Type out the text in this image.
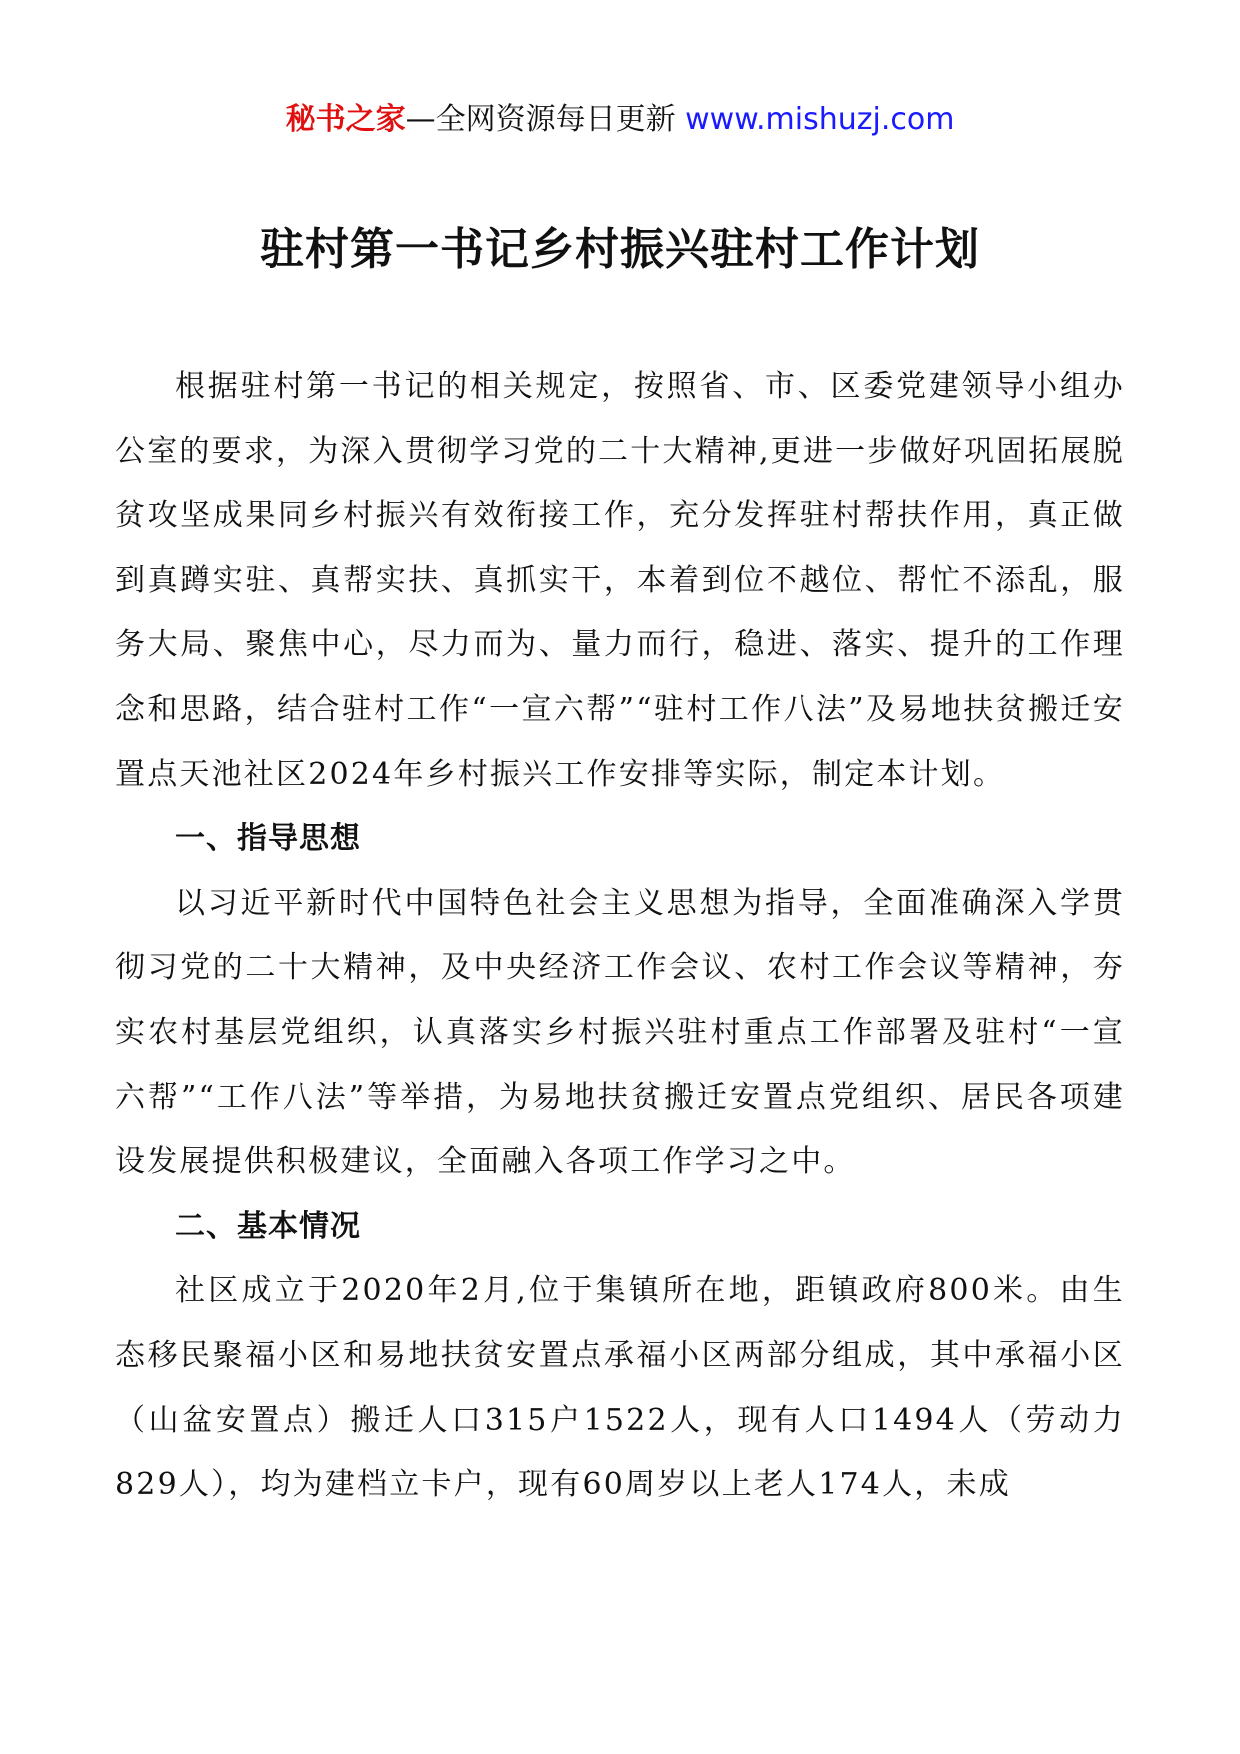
秘书之家—全网资源每日更新 www.mishuzj.com
驻村第一书记乡村振兴驻村工作计划

根据驻村第一书记的相关规定，按照省、市、区委党建领导小组办公室的要求，为深入贯彻学习党的二十大精神,更进一步做好巩固拓展脱贫攻坚成果同乡村振兴有效衔接工作，充分发挥驻村帮扶作用，真正做到真蹲实驻、真帮实扶、真抓实干，本着到位不越位、帮忙不添乱，服务大局、聚焦中心，尽力而为、量力而行，稳进、落实、提升的工作理念和思路，结合驻村工作“一宣六帮”“驻村工作八法”及易地扶贫搬迁安置点天池社区2024年乡村振兴工作安排等实际，制定本计划。

一、指导思想

以习近平新时代中国特色社会主义思想为指导，全面准确深入学贯彻习党的二十大精神，及中央经济工作会议、农村工作会议等精神，夯实农村基层党组织，认真落实乡村振兴驻村重点工作部署及驻村“一宣六帮”“工作八法”等举措，为易地扶贫搬迁安置点党组织、居民各项建设发展提供积极建议，全面融入各项工作学习之中。

二、基本情况

社区成立于2020年2月,位于集镇所在地，距镇政府800米。由生态移民聚福小区和易地扶贫安置点承福小区两部分组成，其中承福小区（山盆安置点）搬迁人口315户1522人，现有人口1494人（劳动力829人），均为建档立卡户，现有60周岁以上老人174人，未成
